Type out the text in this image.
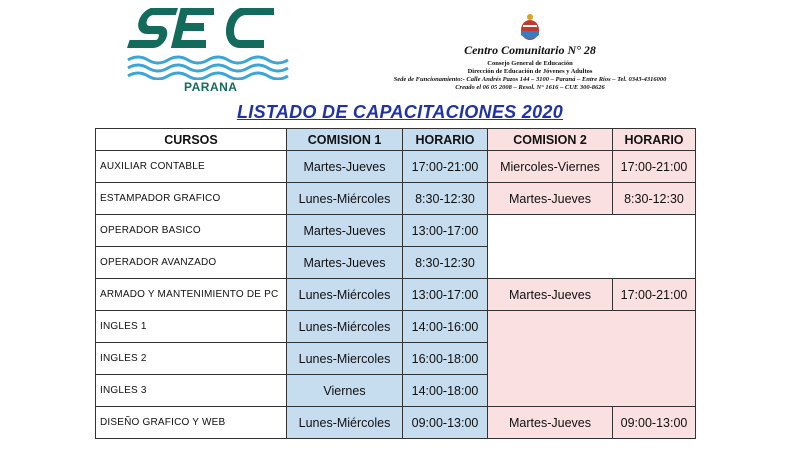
PARANA
Centro Comunitario N° 28
Consejo General de Educación
Dirección de Educación de Jóvenes y Adultos
Sede de Funcionamiento:- Calle Andrés Pazos 144 – 3100 – Paraná – Entre Ríos – Tel. 0343-4316000
Creado el 06 05 2008 – Resol. N° 1616 – CUE 300-8626
LISTADO DE CAPACITACIONES 2020
CURSOS	COMISION 1	HORARIO	COMISION 2	HORARIO
AUXILIAR CONTABLE	Martes-Jueves	17:00-21:00	Miercoles-Viernes	17:00-21:00
ESTAMPADOR GRAFICO	Lunes-Miércoles	8:30-12:30	Martes-Jueves	8:30-12:30
OPERADOR BASICO	Martes-Jueves	13:00-17:00		
OPERADOR AVANZADO	Martes-Jueves	8:30-12:30		
ARMADO Y MANTENIMIENTO DE PC	Lunes-Miércoles	13:00-17:00	Martes-Jueves	17:00-21:00
INGLES 1	Lunes-Miércoles	14:00-16:00		
INGLES 2	Lunes-Miercoles	16:00-18:00		
INGLES 3	Viernes	14:00-18:00		
DISEÑO GRAFICO Y WEB	Lunes-Miércoles	09:00-13:00	Martes-Jueves	09:00-13:00
